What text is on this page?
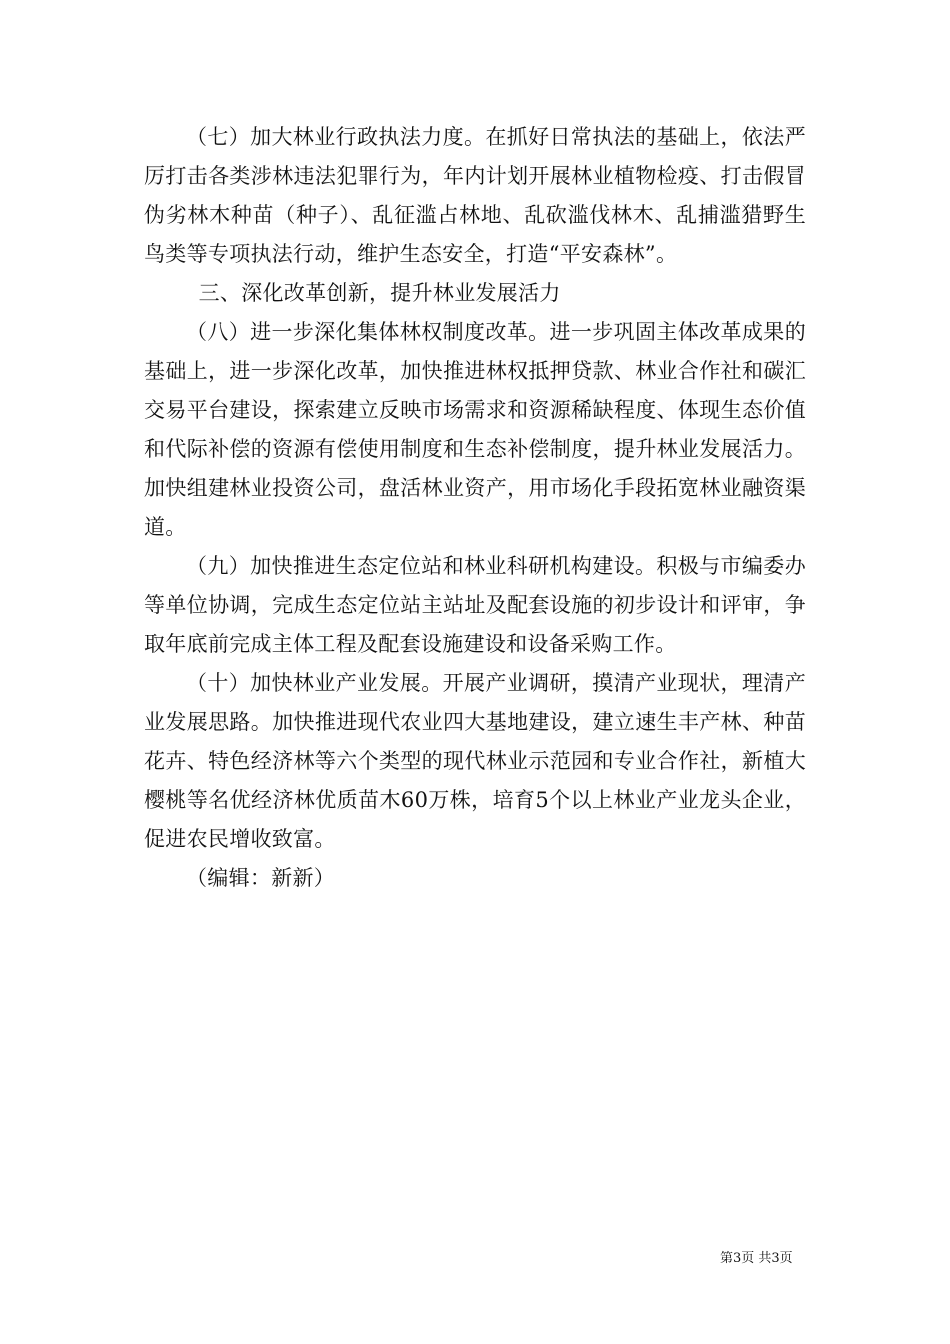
（七）加大林业行政执法力度。在抓好日常执法的基础上，依法严厉打击各类涉林违法犯罪行为，年内计划开展林业植物检疫、打击假冒伪劣林木种苗（种子）、乱征滥占林地、乱砍滥伐林木、乱捕滥猎野生鸟类等专项执法行动，维护生态安全，打造“平安森林”。

三、深化改革创新，提升林业发展活力

（八）进一步深化集体林权制度改革。进一步巩固主体改革成果的基础上，进一步深化改革，加快推进林权抵押贷款、林业合作社和碳汇交易平台建设，探索建立反映市场需求和资源稀缺程度、体现生态价值和代际补偿的资源有偿使用制度和生态补偿制度，提升林业发展活力。加快组建林业投资公司，盘活林业资产，用市场化手段拓宽林业融资渠道。

（九）加快推进生态定位站和林业科研机构建设。积极与市编委办等单位协调，完成生态定位站主站址及配套设施的初步设计和评审，争取年底前完成主体工程及配套设施建设和设备采购工作。

（十）加快林业产业发展。开展产业调研，摸清产业现状，理清产业发展思路。加快推进现代农业四大基地建设，建立速生丰产林、种苗花卉、特色经济林等六个类型的现代林业示范园和专业合作社，新植大樱桃等名优经济林优质苗木60万株，培育5个以上林业产业龙头企业，促进农民增收致富。

（编辑：新新）

第3页 共3页
